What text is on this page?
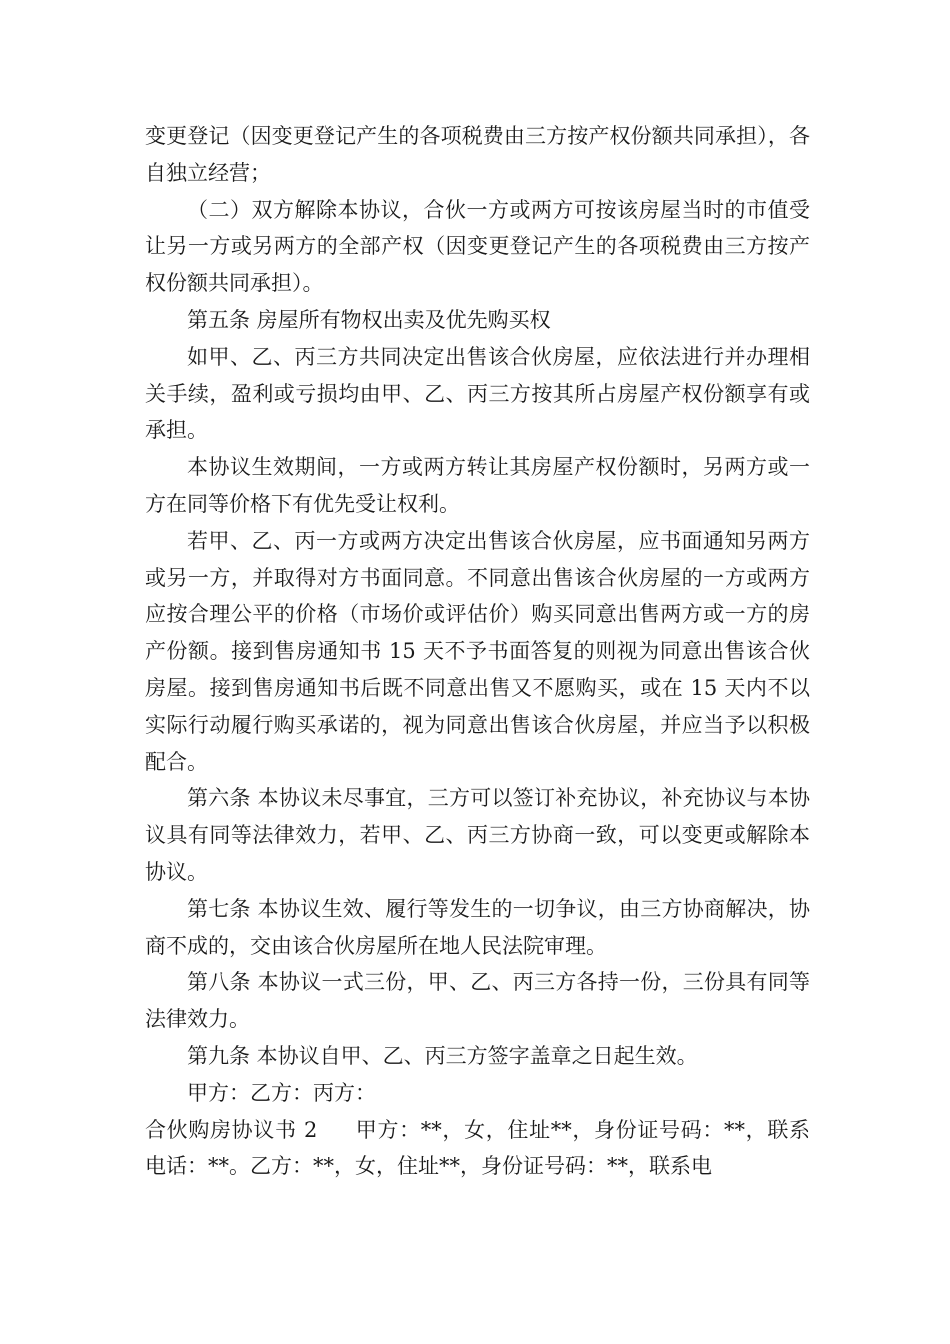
变更登记（因变更登记产生的各项税费由三方按产权份额共同承担），各自独立经营；

（二）双方解除本协议，合伙一方或两方可按该房屋当时的市值受让另一方或另两方的全部产权（因变更登记产生的各项税费由三方按产权份额共同承担）。

第五条 房屋所有物权出卖及优先购买权

如甲、乙、丙三方共同决定出售该合伙房屋，应依法进行并办理相关手续，盈利或亏损均由甲、乙、丙三方按其所占房屋产权份额享有或承担。

本协议生效期间，一方或两方转让其房屋产权份额时，另两方或一方在同等价格下有优先受让权利。

若甲、乙、丙一方或两方决定出售该合伙房屋，应书面通知另两方或另一方，并取得对方书面同意。不同意出售该合伙房屋的一方或两方应按合理公平的价格（市场价或评估价）购买同意出售两方或一方的房产份额。接到售房通知书 15 天不予书面答复的则视为同意出售该合伙房屋。接到售房通知书后既不同意出售又不愿购买，或在 15 天内不以实际行动履行购买承诺的，视为同意出售该合伙房屋，并应当予以积极配合。

第六条 本协议未尽事宜，三方可以签订补充协议，补充协议与本协议具有同等法律效力，若甲、乙、丙三方协商一致，可以变更或解除本协议。

第七条 本协议生效、履行等发生的一切争议，由三方协商解决，协商不成的，交由该合伙房屋所在地人民法院审理。

第八条 本协议一式三份，甲、乙、丙三方各持一份，三份具有同等法律效力。

第九条 本协议自甲、乙、丙三方签字盖章之日起生效。

甲方：乙方：丙方：

合伙购房协议书 2 甲方：**，女，住址**，身份证号码：**，联系电话：**。乙方：**，女，住址**，身份证号码：**，联系电
